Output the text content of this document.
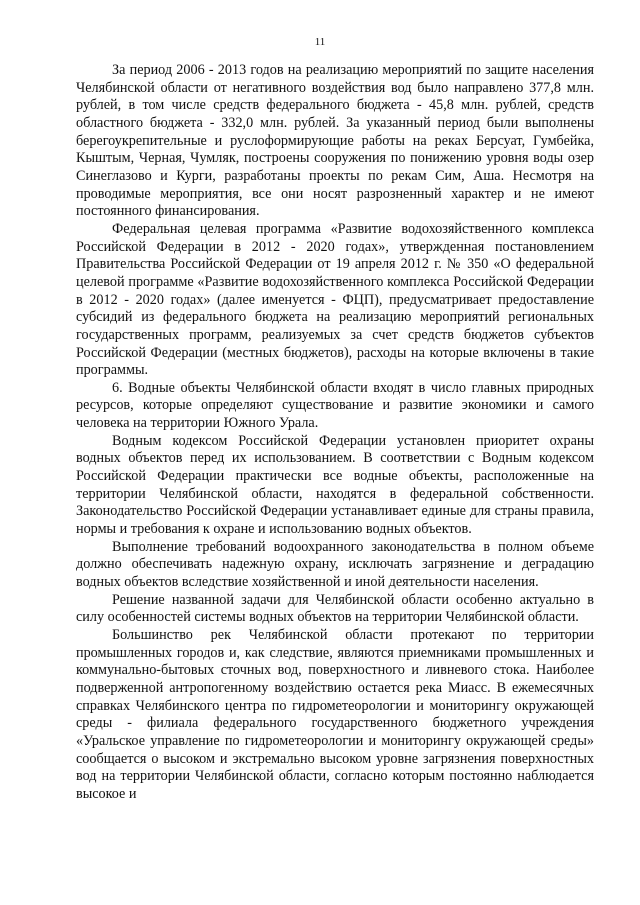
11

За период 2006 - 2013 годов на реализацию мероприятий по защите населения Челябинской области от негативного воздействия вод было направлено 377,8 млн. рублей, в том числе средств федерального бюджета - 45,8 млн. рублей, средств областного бюджета - 332,0 млн. рублей. За указанный период были выполнены берегоукрепительные и руслоформирующие работы на реках Берсуат, Гумбейка, Кыштым, Черная, Чумляк, построены сооружения по понижению уровня воды озер Синеглазово и Курги, разработаны проекты по рекам Сим, Аша. Несмотря на проводимые мероприятия, все они носят разрозненный характер и не имеют постоянного финансирования.

Федеральная целевая программа «Развитие водохозяйственного комплекса Российской Федерации в 2012 - 2020 годах», утвержденная постановлением Правительства Российской Федерации от 19 апреля 2012 г. № 350 «О федеральной целевой программе «Развитие водохозяйственного комплекса Российской Федерации в 2012 - 2020 годах» (далее именуется - ФЦП), предусматривает предоставление субсидий из федерального бюджета на реализацию мероприятий региональных государственных программ, реализуемых за счет средств бюджетов субъектов Российской Федерации (местных бюджетов), расходы на которые включены в такие программы.

6. Водные объекты Челябинской области входят в число главных природных ресурсов, которые определяют существование и развитие экономики и самого человека на территории Южного Урала.

Водным кодексом Российской Федерации установлен приоритет охраны водных объектов перед их использованием. В соответствии с Водным кодексом Российской Федерации практически все водные объекты, расположенные на территории Челябинской области, находятся в федеральной собственности. Законодательство Российской Федерации устанавливает единые для страны правила, нормы и требования к охране и использованию водных объектов.

Выполнение требований водоохранного законодательства в полном объеме должно обеспечивать надежную охрану, исключать загрязнение и деградацию водных объектов вследствие хозяйственной и иной деятельности населения.

Решение названной задачи для Челябинской области особенно актуально в силу особенностей системы водных объектов на территории Челябинской области.

Большинство рек Челябинской области протекают по территории промышленных городов и, как следствие, являются приемниками промышленных и коммунально-бытовых сточных вод, поверхностного и ливневого стока. Наиболее подверженной антропогенному воздействию остается река Миасс. В ежемесячных справках Челябинского центра по гидрометеорологии и мониторингу окружающей среды - филиала федерального государственного бюджетного учреждения «Уральское управление по гидрометеорологии и мониторингу окружающей среды» сообщается о высоком и экстремально высоком уровне загрязнения поверхностных вод на территории Челябинской области, согласно которым постоянно наблюдается высокое и
